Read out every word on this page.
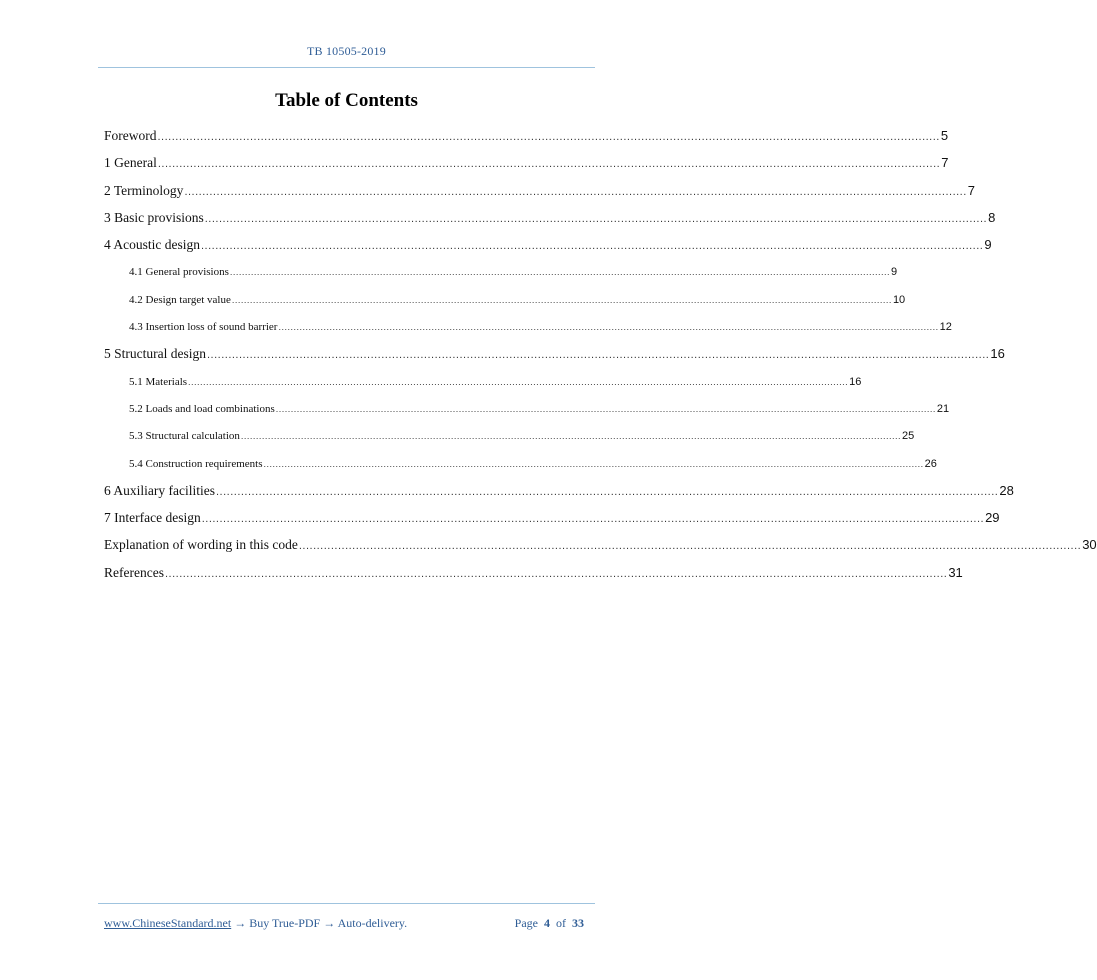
TB 10505-2019
Table of Contents
Foreword ............................................................................................................................................................................................................................ 5
1 General ............................................................................................................................................................................................................................ 7
2 Terminology ............................................................................................................................................................................................................................ 7
3 Basic provisions ............................................................................................................................................................................................................................ 8
4 Acoustic design ............................................................................................................................................................................................................................ 9
4.1 General provisions ............................................................................................................................................................................................................................ 9
4.2 Design target value ............................................................................................................................................................................................................................ 10
4.3 Insertion loss of sound barrier ............................................................................................................................................................................................................................ 12
5 Structural design ............................................................................................................................................................................................................................ 16
5.1 Materials ............................................................................................................................................................................................................................ 16
5.2 Loads and load combinations ............................................................................................................................................................................................................................ 21
5.3 Structural calculation ............................................................................................................................................................................................................................ 25
5.4 Construction requirements ............................................................................................................................................................................................................................ 26
6 Auxiliary facilities ............................................................................................................................................................................................................................ 28
7 Interface design ............................................................................................................................................................................................................................ 29
Explanation of wording in this code ............................................................................................................................................................................................................................ 30
References ............................................................................................................................................................................................................................ 31
www.ChineseStandard.net → Buy True-PDF → Auto-delivery.	Page 4 of 33
